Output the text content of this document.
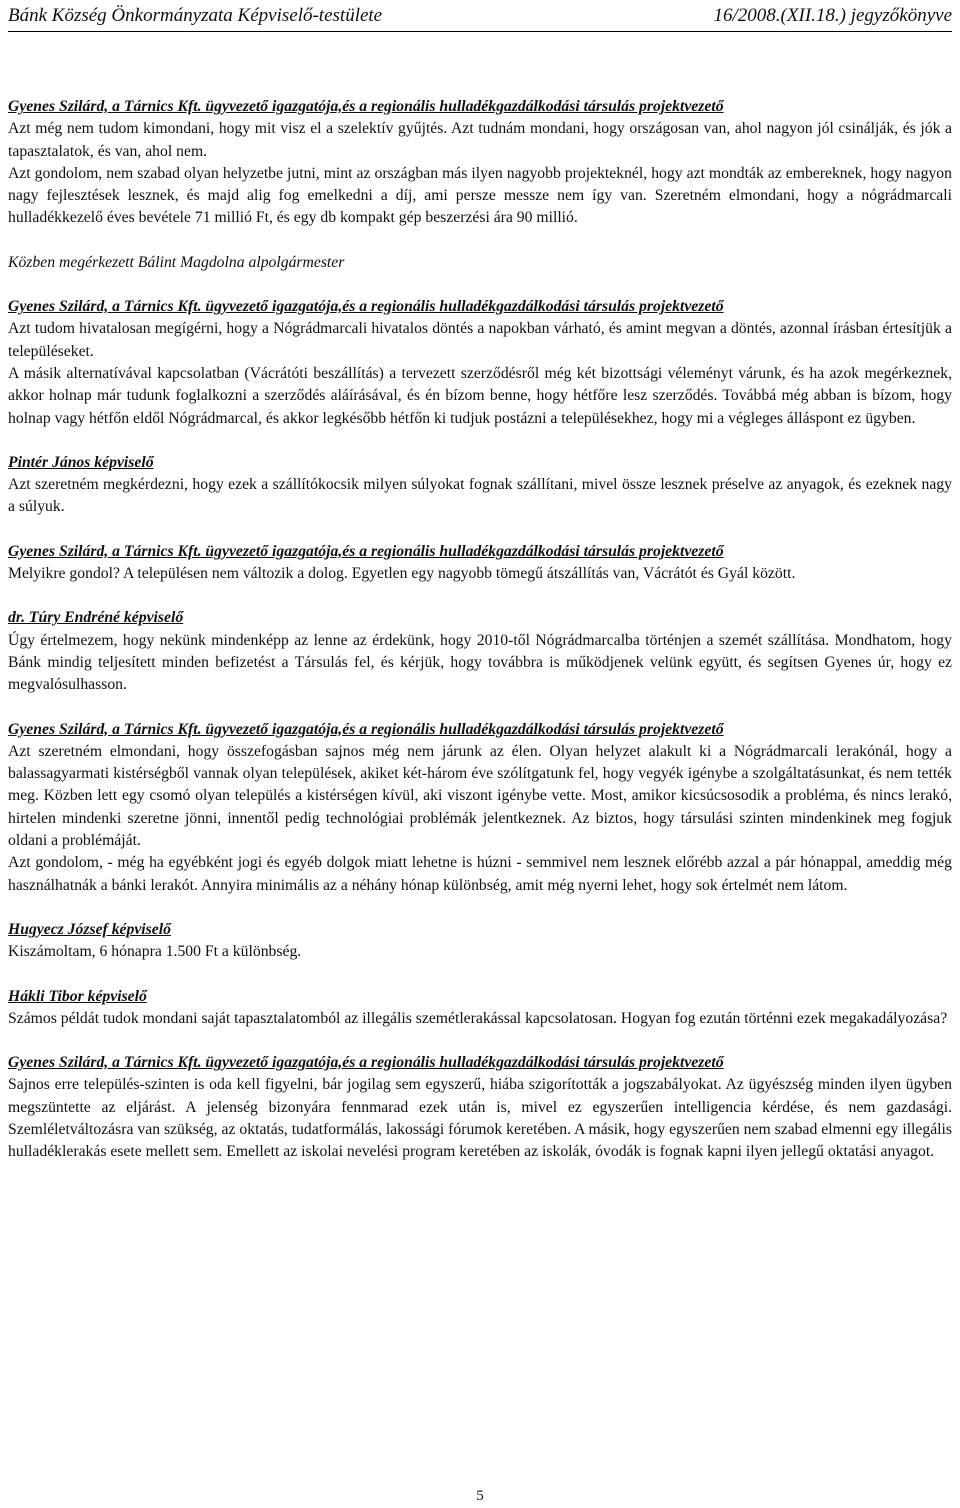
Bánk Község Önkormányzata Képviselő-testülete	16/2008.(XII.18.) jegyzőkönyve
Gyenes Szilárd, a Tárnics Kft. ügyvezető igazgatója,és a regionális hulladékgazdálkodási társulás projektvezető

Azt még nem tudom kimondani, hogy mit visz el a szelektív gyűjtés. Azt tudnám mondani, hogy országosan van, ahol nagyon jól csinálják, és jók a tapasztalatok, és van, ahol nem.

Azt gondolom, nem szabad olyan helyzetbe jutni, mint az országban más ilyen nagyobb projekteknél, hogy azt mondták az embereknek, hogy nagyon nagy fejlesztések lesznek, és majd alig fog emelkedni a díj, ami persze messze nem így van. Szeretném elmondani, hogy a nógrádmarcali hulladékkezelő éves bevétele 71 millió Ft, és egy db kompakt gép beszerzési ára 90 millió.

Közben megérkezett Bálint Magdolna alpolgármester

Gyenes Szilárd, a Tárnics Kft. ügyvezető igazgatója,és a regionális hulladékgazdálkodási társulás projektvezető

Azt tudom hivatalosan megígérni, hogy a Nógrádmarcali hivatalos döntés a napokban várható, és amint megvan a döntés, azonnal írásban értesítjük a településeket.

A másik alternatívával kapcsolatban (Vácrátóti beszállítás) a tervezett szerződésről még két bizottsági véleményt várunk, és ha azok megérkeznek, akkor holnap már tudunk foglalkozni a szerződés aláírásával, és én bízom benne, hogy hétfőre lesz szerződés. Továbbá még abban is bízom, hogy holnap vagy hétfőn eldől Nógrádmarcal, és akkor legkésőbb hétfőn ki tudjuk postázni a településekhez, hogy mi a végleges álláspont ez ügyben.

Pintér János képviselő

Azt szeretném megkérdezni, hogy ezek a szállítókocsik milyen súlyokat fognak szállítani, mivel össze lesznek préselve az anyagok, és ezeknek nagy a súlyuk.

Gyenes Szilárd, a Tárnics Kft. ügyvezető igazgatója,és a regionális hulladékgazdálkodási társulás projektvezető

Melyikre gondol? A településen nem változik a dolog. Egyetlen egy nagyobb tömegű átszállítás van, Vácrátót és Gyál között.

dr. Túry Endréné képviselő

Úgy értelmezem, hogy nekünk mindenképp az lenne az érdekünk, hogy 2010-től Nógrádmarcalba történjen a szemét szállítása. Mondhatom, hogy Bánk mindig teljesített minden befizetést a Társulás fel, és kérjük, hogy továbbra is működjenek velünk együtt, és segítsen Gyenes úr, hogy ez megvalósulhasson.

Gyenes Szilárd, a Tárnics Kft. ügyvezető igazgatója,és a regionális hulladékgazdálkodási társulás projektvezető

Azt szeretném elmondani, hogy összefogásban sajnos még nem járunk az élen. Olyan helyzet alakult ki a Nógrádmarcali lerakónál, hogy a balassagyarmati kistérségből vannak olyan települések, akiket két-három éve szólítgatunk fel, hogy vegyék igénybe a szolgáltatásunkat, és nem tették meg. Közben lett egy csomó olyan település a kistérségen kívül, aki viszont igénybe vette. Most, amikor kicsúcsosodik a probléma, és nincs lerakó, hirtelen mindenki szeretne jönni, innentől pedig technológiai problémák jelentkeznek. Az biztos, hogy társulási szinten mindenkinek meg fogjuk oldani a problémáját.

Azt gondolom, - még ha egyébként jogi és egyéb dolgok miatt lehetne is húzni - semmivel nem lesznek előrébb azzal a pár hónappal, ameddig még használhatnák a bánki lerakót. Annyira minimális az a néhány hónap különbség, amit még nyerni lehet, hogy sok értelmét nem látom.

Hugyecz József képviselő

Kiszámoltam, 6 hónapra 1.500 Ft a különbség.

Hákli Tibor képviselő

Számos példát tudok mondani saját tapasztalatomból az illegális szemétlerakással kapcsolatosan. Hogyan fog ezután történni ezek megakadályozása?

Gyenes Szilárd, a Tárnics Kft. ügyvezető igazgatója,és a regionális hulladékgazdálkodási társulás projektvezető

Sajnos erre település-szinten is oda kell figyelni, bár jogilag sem egyszerű, hiába szigorították a jogszabályokat. Az ügyészség minden ilyen ügyben megszüntette az eljárást. A jelenség bizonyára fennmarad ezek után is, mivel ez egyszerűen intelligencia kérdése, és nem gazdasági. Szemléletváltozásra van szükség, az oktatás, tudatformálás, lakossági fórumok keretében. A másik, hogy egyszerűen nem szabad elmenni egy illegális hulladéklerakás esete mellett sem. Emellett az iskolai nevelési program keretében az iskolák, óvodák is fognak kapni ilyen jellegű oktatási anyagot.

5
